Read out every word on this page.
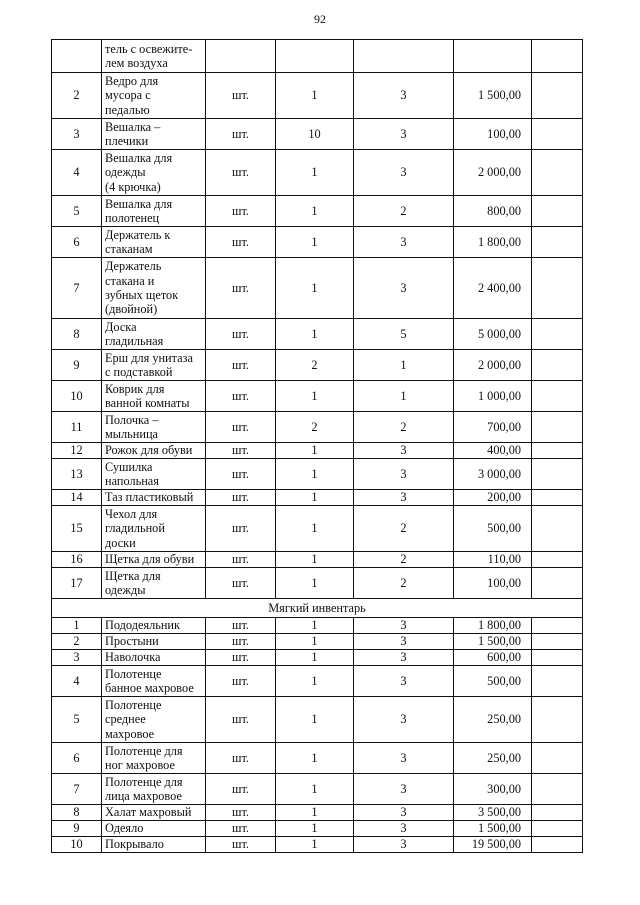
92

	тель с освежите-
лем воздуха					

2	Ведро для
мусора с
педалью	шт.	1	3	1 500,00	
3	Вешалка –
плечики	шт.	10	3	100,00	
4	Вешалка для
одежды
(4 крючка)	шт.	1	3	2 000,00	
5	Вешалка для
полотенец	шт.	1	2	800,00	
6	Держатель к
стаканам	шт.	1	3	1 800,00	
7	Держатель
стакана и
зубных щеток
(двойной)	шт.	1	3	2 400,00	
8	Доска
гладильная	шт.	1	5	5 000,00	
9	Ерш для унитаза
с подставкой	шт.	2	1	2 000,00	
10	Коврик для
ванной комнаты	шт.	1	1	1 000,00	
11	Полочка –
мыльница	шт.	2	2	700,00	
12	Рожок для обуви	шт.	1	3	400,00	
13	Сушилка
напольная	шт.	1	3	3 000,00	
14	Таз пластиковый	шт.	1	3	200,00	
15	Чехол для
гладильной
доски	шт.	1	2	500,00	
16	Щетка для обуви	шт.	1	2	110,00	
17	Щетка для
одежды	шт.	1	2	100,00	
Мягкий инвентарь						
1	Пододеяльник	шт.	1	3	1 800,00	
2	Простыни	шт.	1	3	1 500,00	
3	Наволочка	шт.	1	3	600,00	
4	Полотенце
банное махровое	шт.	1	3	500,00	
5	Полотенце
среднее
махровое	шт.	1	3	250,00	
6	Полотенце для
ног махровое	шт.	1	3	250,00	
7	Полотенце для
лица махровое	шт.	1	3	300,00	
8	Халат махровый	шт.	1	3	3 500,00	
9	Одеяло	шт.	1	3	1 500,00	
10	Покрывало	шт.	1	3	19 500,00	
